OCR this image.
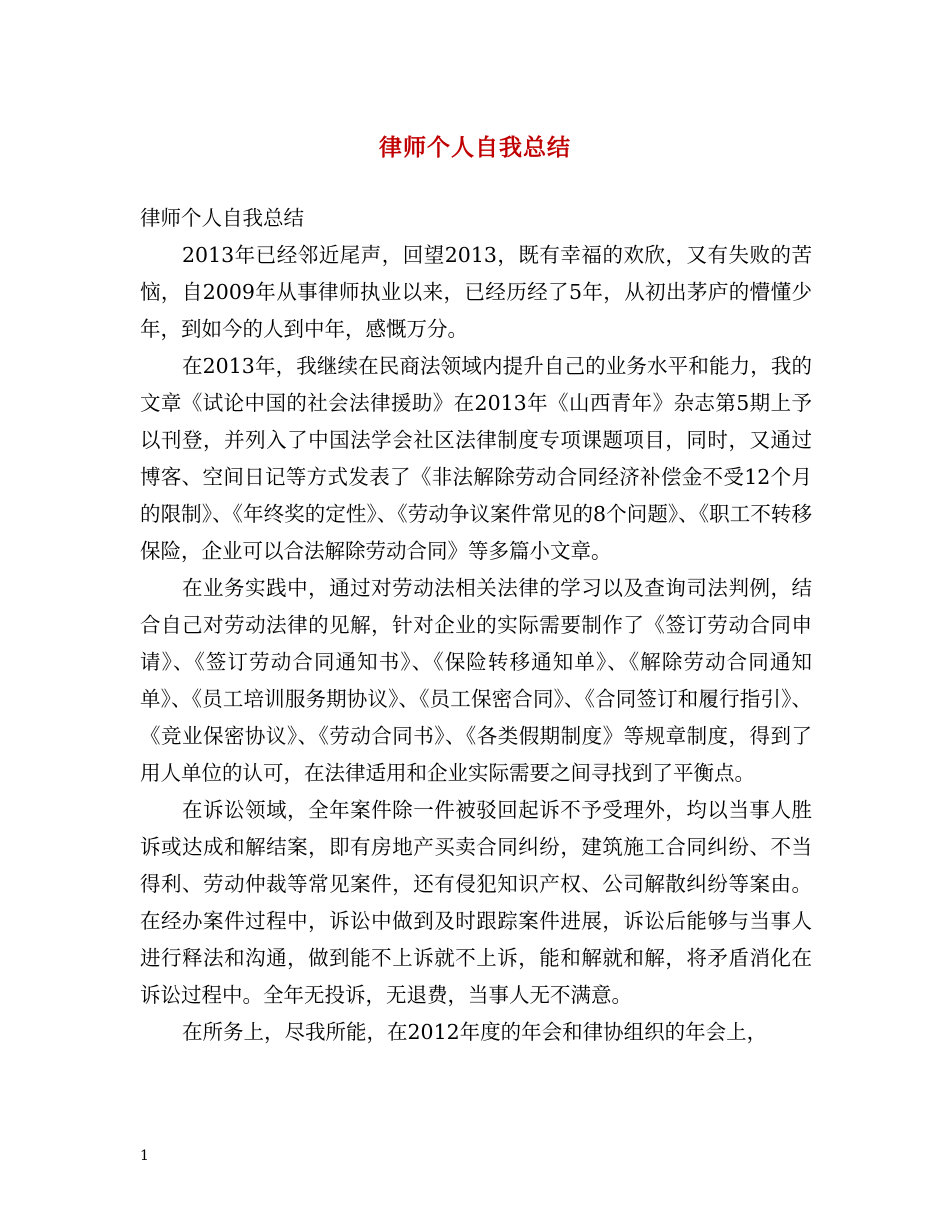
律师个人自我总结

律师个人自我总结

2013年已经邻近尾声，回望2013，既有幸福的欢欣，又有失败的苦恼，自2009年从事律师执业以来，已经历经了5年，从初出茅庐的懵懂少年，到如今的人到中年，感慨万分。

在2013年，我继续在民商法领域内提升自己的业务水平和能力，我的文章《试论中国的社会法律援助》在2013年《山西青年》杂志第5期上予以刊登，并列入了中国法学会社区法律制度专项课题项目，同时，又通过博客、空间日记等方式发表了《非法解除劳动合同经济补偿金不受12个月的限制》、《年终奖的定性》、《劳动争议案件常见的8个问题》、《职工不转移保险，企业可以合法解除劳动合同》等多篇小文章。

在业务实践中，通过对劳动法相关法律的学习以及查询司法判例，结合自己对劳动法律的见解，针对企业的实际需要制作了《签订劳动合同申请》、《签订劳动合同通知书》、《保险转移通知单》、《解除劳动合同通知单》、《员工培训服务期协议》、《员工保密合同》、《合同签订和履行指引》、《竞业保密协议》、《劳动合同书》、《各类假期制度》等规章制度，得到了用人单位的认可，在法律适用和企业实际需要之间寻找到了平衡点。

在诉讼领域，全年案件除一件被驳回起诉不予受理外，均以当事人胜诉或达成和解结案，即有房地产买卖合同纠纷，建筑施工合同纠纷、不当得利、劳动仲裁等常见案件，还有侵犯知识产权、公司解散纠纷等案由。在经办案件过程中，诉讼中做到及时跟踪案件进展，诉讼后能够与当事人进行释法和沟通，做到能不上诉就不上诉，能和解就和解，将矛盾消化在诉讼过程中。全年无投诉，无退费，当事人无不满意。

在所务上，尽我所能，在2012年度的年会和律协组织的年会上，

1
